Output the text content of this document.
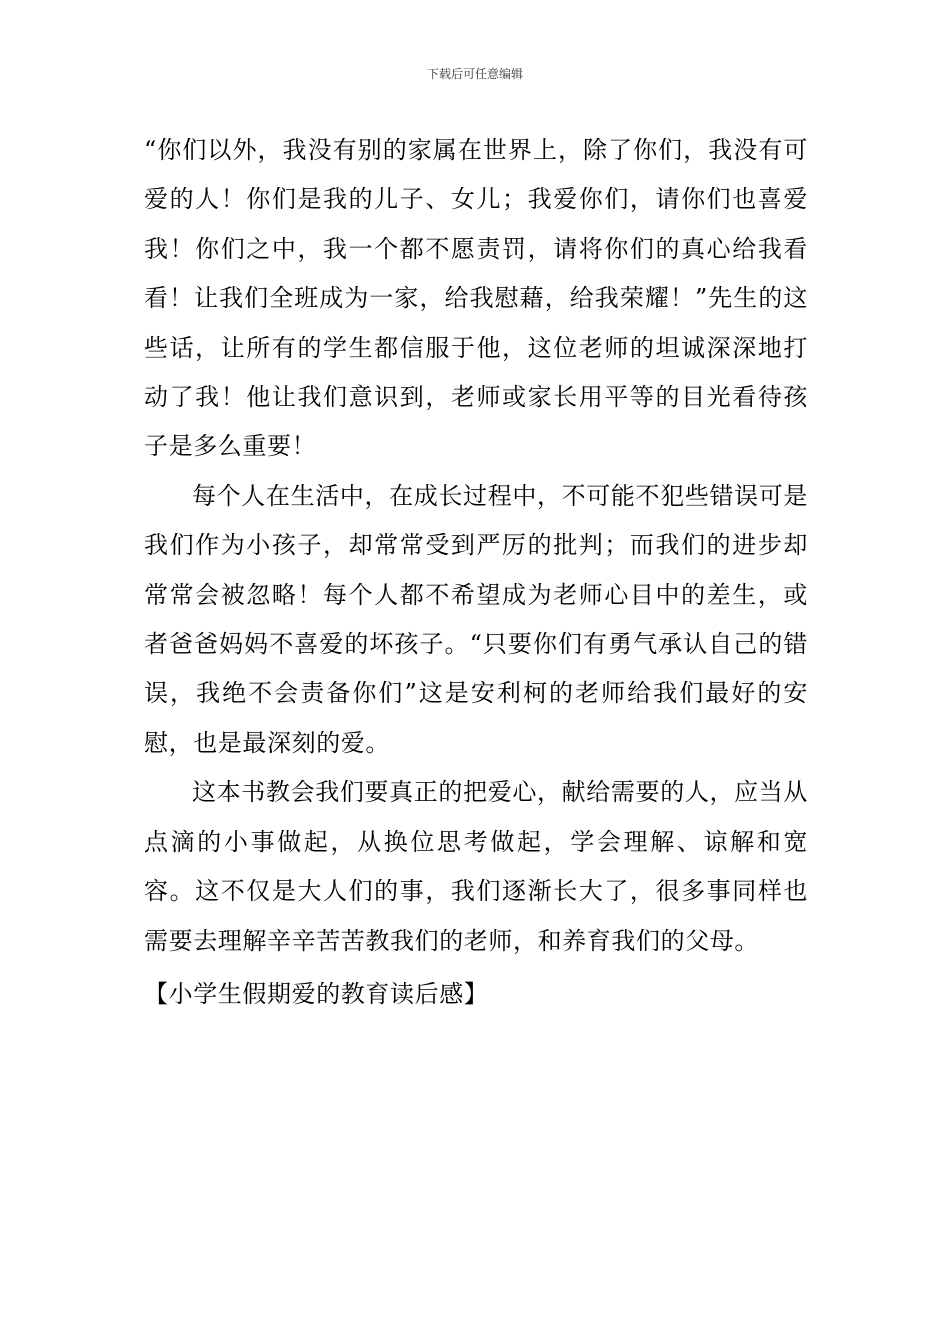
下载后可任意编辑

“你们以外，我没有别的家属在世界上，除了你们，我没有可爱的人！你们是我的儿子、女儿；我爱你们，请你们也喜爱我！你们之中，我一个都不愿责罚，请将你们的真心给我看看！让我们全班成为一家，给我慰藉，给我荣耀！”先生的这些话，让所有的学生都信服于他，这位老师的坦诚深深地打动了我！他让我们意识到，老师或家长用平等的目光看待孩子是多么重要！

每个人在生活中，在成长过程中，不可能不犯些错误可是我们作为小孩子，却常常受到严厉的批判；而我们的进步却常常会被忽略！每个人都不希望成为老师心目中的差生，或者爸爸妈妈不喜爱的坏孩子。“只要你们有勇气承认自己的错误，我绝不会责备你们”这是安利柯的老师给我们最好的安慰，也是最深刻的爱。

这本书教会我们要真正的把爱心，献给需要的人，应当从点滴的小事做起，从换位思考做起，学会理解、谅解和宽容。这不仅是大人们的事，我们逐渐长大了，很多事同样也需要去理解辛辛苦苦教我们的老师，和养育我们的父母。

【小学生假期爱的教育读后感】
